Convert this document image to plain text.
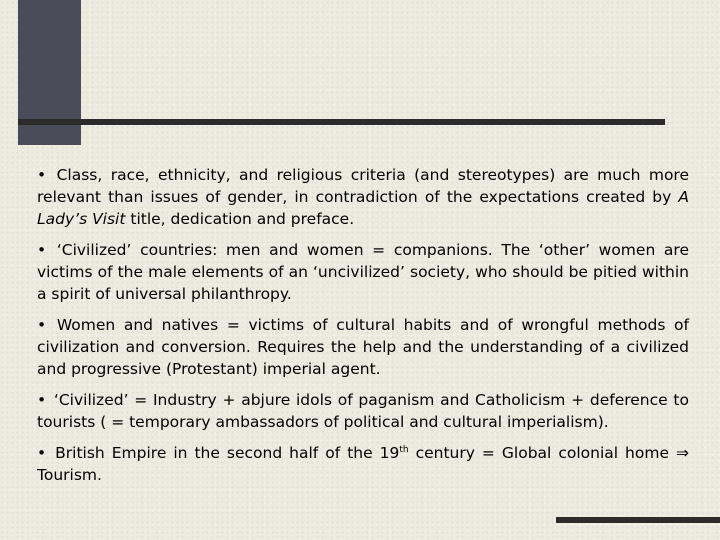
• Class, race, ethnicity, and religious criteria (and stereotypes) are much more relevant than issues of gender, in contradiction of the expectations created by A Lady’s Visit title, dedication and preface.

• ‘Civilized’ countries: men and women = companions. The ‘other’ women are victims of the male elements of an ‘uncivilized’ society, who should be pitied within a spirit of universal philanthropy.

• Women and natives = victims of cultural habits and of wrongful methods of civilization and conversion. Requires the help and the understanding of a civilized and progressive (Protestant) imperial agent.

• ‘Civilized’ = Industry + abjure idols of paganism and Catholicism + deference to tourists ( = temporary ambassadors of political and cultural imperialism).

• British Empire in the second half of the 19th century = Global colonial home ⇒ Tourism.
